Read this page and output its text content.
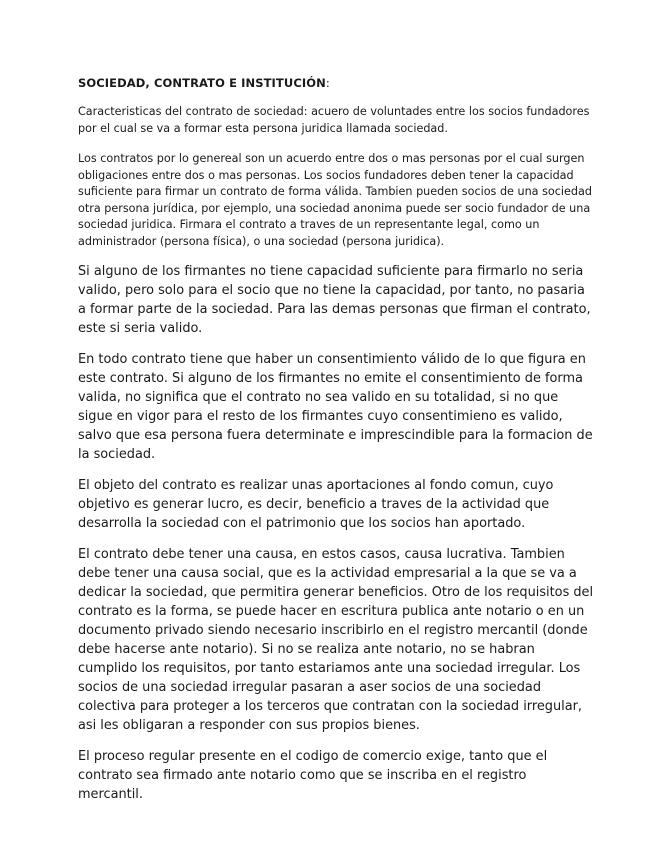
SOCIEDAD, CONTRATO E INSTITUCIÓN:

Caracteristicas del contrato de sociedad: acuero de voluntades entre los socios fundadores por el cual se va a formar esta persona juridica llamada sociedad.

Los contratos por lo genereal son un acuerdo entre dos o mas personas por el cual surgen obligaciones entre dos o mas personas. Los socios fundadores deben tener la capacidad suficiente para firmar un contrato de forma válida. Tambien pueden socios de una sociedad otra persona jurídica, por ejemplo, una sociedad anonima puede ser socio fundador de una sociedad juridica. Firmara el contrato a traves de un representante legal, como un administrador (persona física), o una sociedad (persona juridica).

Si alguno de los firmantes no tiene capacidad suficiente para firmarlo no seria valido, pero solo para el socio que no tiene la capacidad, por tanto, no pasaria a formar parte de la sociedad. Para las demas personas que firman el contrato, este si seria valido.

En todo contrato tiene que haber un consentimiento válido de lo que figura en este contrato. Si alguno de los firmantes no emite el consentimiento de forma valida, no significa que el contrato no sea valido en su totalidad, si no que sigue en vigor para el resto de los firmantes cuyo consentimieno es valido, salvo que esa persona fuera determinate e imprescindible para la formacion de la sociedad.

El objeto del contrato es realizar unas aportaciones al fondo comun, cuyo objetivo es generar lucro, es decir, beneficio a traves de la actividad que desarrolla la sociedad con el patrimonio que los socios han aportado.

El contrato debe tener una causa, en estos casos, causa lucrativa. Tambien debe tener una causa social, que es la actividad empresarial a la que se va a dedicar la sociedad, que permitira generar beneficios. Otro de los requisitos del contrato es la forma, se puede hacer en escritura publica ante notario o en un documento privado siendo necesario inscribirlo en el registro mercantil (donde debe hacerse ante notario). Si no se realiza ante notario, no se habran cumplido los requisitos, por tanto estariamos ante una sociedad irregular. Los socios de una sociedad irregular pasaran a aser socios de una sociedad colectiva para proteger a los terceros que contratan con la sociedad irregular, asi les obligaran a responder con sus propios bienes.

El proceso regular presente en el codigo de comercio exige, tanto que el contrato sea firmado ante notario como que se inscriba en el registro mercantil.
